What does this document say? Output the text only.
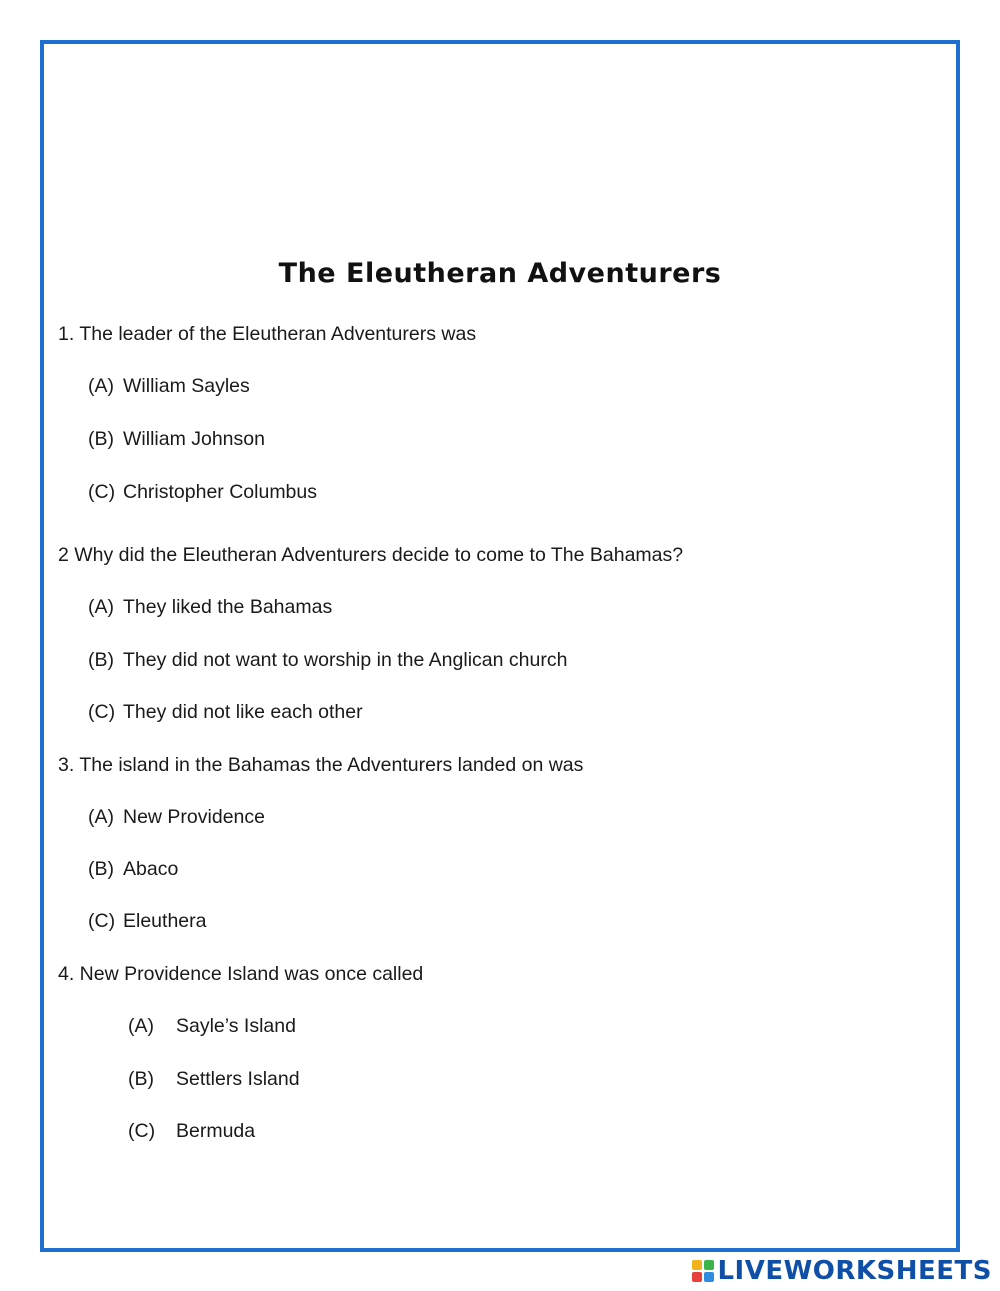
The Eleutheran Adventurers
1. The leader of the Eleutheran Adventurers was
(A) William Sayles
(B) William Johnson
(C) Christopher Columbus
2 Why did the Eleutheran Adventurers decide to come to The Bahamas?
(A) They liked the Bahamas
(B) They did not want to worship in the Anglican church
(C) They did not like each other
3. The island in the Bahamas the Adventurers landed on was
(A) New Providence
(B) Abaco
(C) Eleuthera
4. New Providence Island was once called
(A) Sayle’s Island
(B) Settlers Island
(C) Bermuda
LIVEWORKSHEETS
